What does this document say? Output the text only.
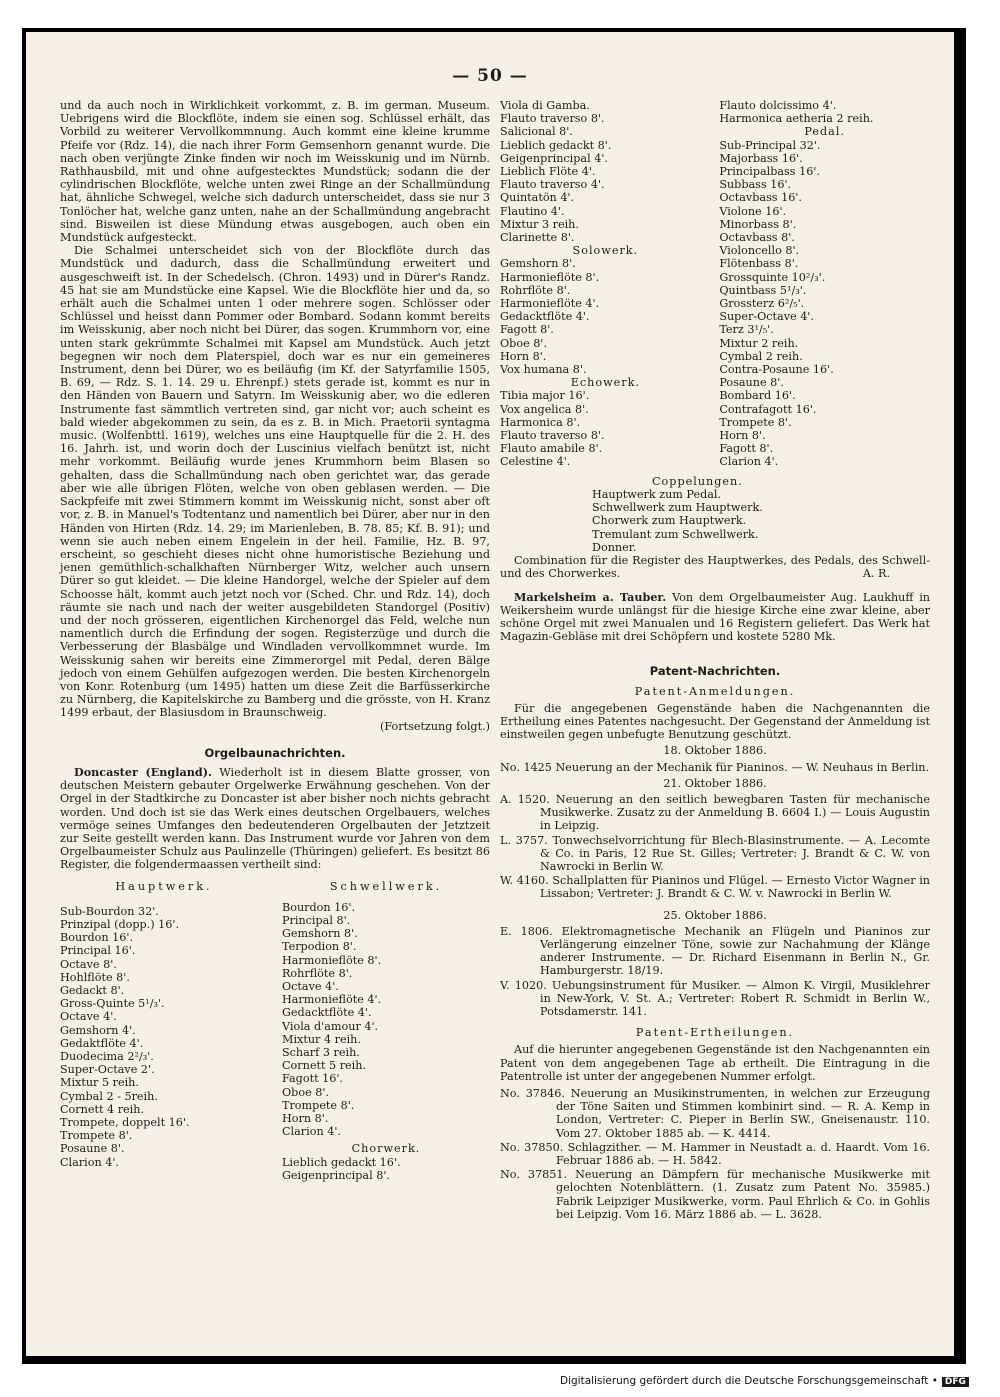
— 50 —

und da auch noch in Wirklichkeit vorkommt, z. B. im german. Museum. Uebrigens wird die Blockflöte, indem sie einen sog. Schlüssel erhält, das Vorbild zu weiterer Vervollkommnung. Auch kommt eine kleine krumme Pfeife vor (Rdz. 14), die nach ihrer Form Gemsenhorn genannt wurde. Die nach oben verjüngte Zinke finden wir noch im Weisskunig und im Nürnb. Rathhausbild, mit und ohne aufgestecktes Mundstück; sodann die der cylindrischen Blockflöte, welche unten zwei Ringe an der Schallmündung hat, ähnliche Schwegel, welche sich dadurch unterscheidet, dass sie nur 3 Tonlöcher hat, welche ganz unten, nahe an der Schallmündung angebracht sind. Bisweilen ist diese Mündung etwas ausgebogen, auch oben ein Mundstück aufgesteckt.

Die Schalmei unterscheidet sich von der Blockflöte durch das Mundstück und dadurch, dass die Schallmündung erweitert und ausgeschweift ist. In der Schedelsch. (Chron. 1493) und in Dürer's Randz. 45 hat sie am Mundstücke eine Kapsel. Wie die Blockflöte hier und da, so erhält auch die Schalmei unten 1 oder mehrere sogen. Schlösser oder Schlüssel und heisst dann Pommer oder Bombard. Sodann kommt bereits im Weisskunig, aber noch nicht bei Dürer, das sogen. Krummhorn vor, eine unten stark gekrümmte Schalmei mit Kapsel am Mundstück. Auch jetzt begegnen wir noch dem Platerspiel, doch war es nur ein gemeineres Instrument, denn bei Dürer, wo es beiläufig (im Kf. der Satyrfamilie 1505, B. 69, — Rdz. S. 1. 14. 29 u. Ehrenpf.) stets gerade ist, kommt es nur in den Händen von Bauern und Satyrn. Im Weisskunig aber, wo die edleren Instrumente fast sämmtlich vertreten sind, gar nicht vor; auch scheint es bald wieder abgekommen zu sein, da es z. B. in Mich. Praetorii syntagma music. (Wolfenbttl. 1619), welches uns eine Hauptquelle für die 2. H. des 16. Jahrh. ist, und worin doch der Luscinius vielfach benützt ist, nicht mehr vorkommt. Beiläufig wurde jenes Krummhorn beim Blasen so gehalten, dass die Schallmündung nach oben gerichtet war, das gerade aber wie alle übrigen Flöten, welche von oben geblasen werden. — Die Sackpfeife mit zwei Stimmern kommt im Weisskunig nicht, sonst aber oft vor, z. B. in Manuel's Todtentanz und namentlich bei Dürer, aber nur in den Händen von Hirten (Rdz. 14. 29; im Marienleben, B. 78. 85; Kf. B. 91); und wenn sie auch neben einem Engelein in der heil. Familie, Hz. B. 97, erscheint, so geschieht dieses nicht ohne humoristische Beziehung und jenen gemüthlich-schalkhaften Nürnberger Witz, welcher auch unsern Dürer so gut kleidet. — Die kleine Handorgel, welche der Spieler auf dem Schoosse hält, kommt auch jetzt noch vor (Sched. Chr. und Rdz. 14), doch räumte sie nach und nach der weiter ausgebildeten Standorgel (Positiv) und der noch grösseren, eigentlichen Kirchenorgel das Feld, welche nun namentlich durch die Erfindung der sogen. Registerzüge und durch die Verbesserung der Blasbälge und Windladen vervollkommnet wurde. Im Weisskunig sahen wir bereits eine Zimmerorgel mit Pedal, deren Bälge jedoch von einem Gehülfen aufgezogen werden. Die besten Kirchenorgeln von Konr. Rotenburg (um 1495) hatten um diese Zeit die Barfüsserkirche zu Nürnberg, die Kapitelskirche zu Bamberg und die grösste, von H. Kranz 1499 erbaut, der Blasiusdom in Braunschweig.

(Fortsetzung folgt.)

Orgelbaunachrichten.

Doncaster (England). Wiederholt ist in diesem Blatte grosser, von deutschen Meistern gebauter Orgelwerke Erwähnung geschehen. Von der Orgel in der Stadtkirche zu Doncaster ist aber bisher noch nichts gebracht worden. Und doch ist sie das Werk eines deutschen Orgelbauers, welches vermöge seines Umfanges den bedeutenderen Orgelbauten der Jetztzeit zur Seite gestellt werden kann. Das Instrument wurde vor Jahren von dem Orgelbaumeister Schulz aus Paulinzelle (Thüringen) geliefert. Es besitzt 86 Register, die folgendermaassen vertheilt sind:

Hauptwerk.
Sub-Bourdon 32'.
Prinzipal (dopp.) 16'.
Bourdon 16'.
Principal 16'.
Octave 8'.
Hohlflöte 8'.
Gedackt 8'.
Gross-Quinte 5¹/₃'.
Octave 4'.
Gemshorn 4'.
Gedaktflöte 4'.
Duodecima 2²/₃'.
Super-Octave 2'.
Mixtur 5 reih.
Cymbal 2 - 5reih.
Cornett 4 reih.
Trompete, doppelt 16'.
Trompete 8'.
Posaune 8'.
Clarion 4'.
Schwellwerk.
Bourdon 16'.
Principal 8'.
Gemshorn 8'.
Terpodion 8'.
Harmonieflöte 8'.
Rohrflöte 8'.
Octave 4'.
Harmonieflöte 4'.
Gedacktflöte 4'.
Viola d'amour 4'.
Mixtur 4 reih.
Scharf 3 reih.
Cornett 5 reih.
Fagott 16'.
Oboe 8'.
Trompete 8'.
Horn 8'.
Clarion 4'.
Chorwerk.
Lieblich gedackt 16'.
Geigenprincipal 8'.
Viola di Gamba.
Flauto traverso 8'.
Salicional 8'.
Lieblich gedackt 8'.
Geigenprincipal 4'.
Lieblich Flöte 4'.
Flauto traverso 4'.
Quintatön 4'.
Flautino 4'.
Mixtur 3 reih.
Clarinette 8'.
Solowerk.
Gemshorn 8'.
Harmonieflöte 8'.
Rohrflöte 8'.
Harmonieflöte 4'.
Gedacktflöte 4'.
Fagott 8'.
Oboe 8'.
Horn 8'.
Vox humana 8'.
Echowerk.
Tibia major 16'.
Vox angelica 8'.
Harmonica 8'.
Flauto traverso 8'.
Flauto amabile 8'.
Celestine 4'.
Flauto dolcissimo 4'.
Harmonica aetheria 2 reih.
Pedal.
Sub-Principal 32'.
Majorbass 16'.
Principalbass 16'.
Subbass 16'.
Octavbass 16'.
Violone 16'.
Minorbass 8'.
Octavbass 8'.
Violoncello 8'.
Flötenbass 8'.
Grossquinte 10²/₃'.
Quintbass 5¹/₃'.
Grossterz 6²/₅'.
Super-Octave 4'.
Terz 3¹/₅'.
Mixtur 2 reih.
Cymbal 2 reih.
Contra-Posaune 16'.
Posaune 8'.
Bombard 16'.
Contrafagott 16'.
Trompete 8'.
Horn 8'.
Fagott 8'.
Clarion 4'.
Coppelungen.
Hauptwerk zum Pedal.
Schwellwerk zum Hauptwerk.
Chorwerk zum Hauptwerk.
Tremulant zum Schwellwerk.
Donner.

Combination für die Register des Hauptwerkes, des Pedals, des Schwell- und des Chorwerkes.	A. R.

Markelsheim a. Tauber. Von dem Orgelbaumeister Aug. Laukhuff in Weikersheim wurde unlängst für die hiesige Kirche eine zwar kleine, aber schöne Orgel mit zwei Manualen und 16 Registern geliefert. Das Werk hat Magazin-Gebläse mit drei Schöpfern und kostete 5280 Mk.

Patent-Nachrichten.
Patent-Anmeldungen.

Für die angegebenen Gegenstände haben die Nachgenannten die Ertheilung eines Patentes nachgesucht. Der Gegenstand der Anmeldung ist einstweilen gegen unbefugte Benutzung geschützt.

18. Oktober 1886.
No. 1425 Neuerung an der Mechanik für Pianinos. — W. Neuhaus in Berlin.
21. Oktober 1886.
A. 1520. Neuerung an den seitlich bewegbaren Tasten für mechanische Musikwerke. Zusatz zu der Anmeldung B. 6604 I.) — Louis Augustin in Leipzig.
L. 3757. Tonwechselvorrichtung für Blech-Blasinstrumente. — A. Lecomte & Co. in Paris, 12 Rue St. Gilles; Vertreter: J. Brandt & C. W. von Nawrocki in Berlin W.
W. 4160. Schallplatten für Pianinos und Flügel. — Ernesto Victor Wagner in Lissabon; Vertreter: J. Brandt & C. W. v. Nawrocki in Berlin W.
25. Oktober 1886.
E. 1806. Elektromagnetische Mechanik an Flügeln und Pianinos zur Verlängerung einzelner Töne, sowie zur Nachahmung der Klänge anderer Instrumente. — Dr. Richard Eisenmann in Berlin N., Gr. Hamburgerstr. 18/19.
V. 1020. Uebungsinstrument für Musiker. — Almon K. Virgil, Musiklehrer in New-York, V. St. A.; Vertreter: Robert R. Schmidt in Berlin W., Potsdamerstr. 141.
Patent-Ertheilungen.

Auf die hierunter angegebenen Gegenstände ist den Nachgenannten ein Patent von dem angegebenen Tage ab ertheilt. Die Eintragung in die Patentrolle ist unter der angegebenen Nummer erfolgt.

No. 37846. Neuerung an Musikinstrumenten, in welchen zur Erzeugung der Töne Saiten und Stimmen kombinirt sind. — R. A. Kemp in London, Vertreter: C. Pieper in Berlin SW., Gneisenaustr. 110. Vom 27. Oktober 1885 ab. — K. 4414.
No. 37850. Schlagzither. — M. Hammer in Neustadt a. d. Haardt. Vom 16. Februar 1886 ab. — H. 5842.
No. 37851. Neuerung an Dämpfern für mechanische Musikwerke mit gelochten Notenblättern. (1. Zusatz zum Patent No. 35985.) Fabrik Leipziger Musikwerke, vorm. Paul Ehrlich & Co. in Gohlis bei Leipzig. Vom 16. März 1886 ab. — L. 3628.
Digitalisierung gefördert durch die Deutsche Forschungsgemeinschaft • DFG
